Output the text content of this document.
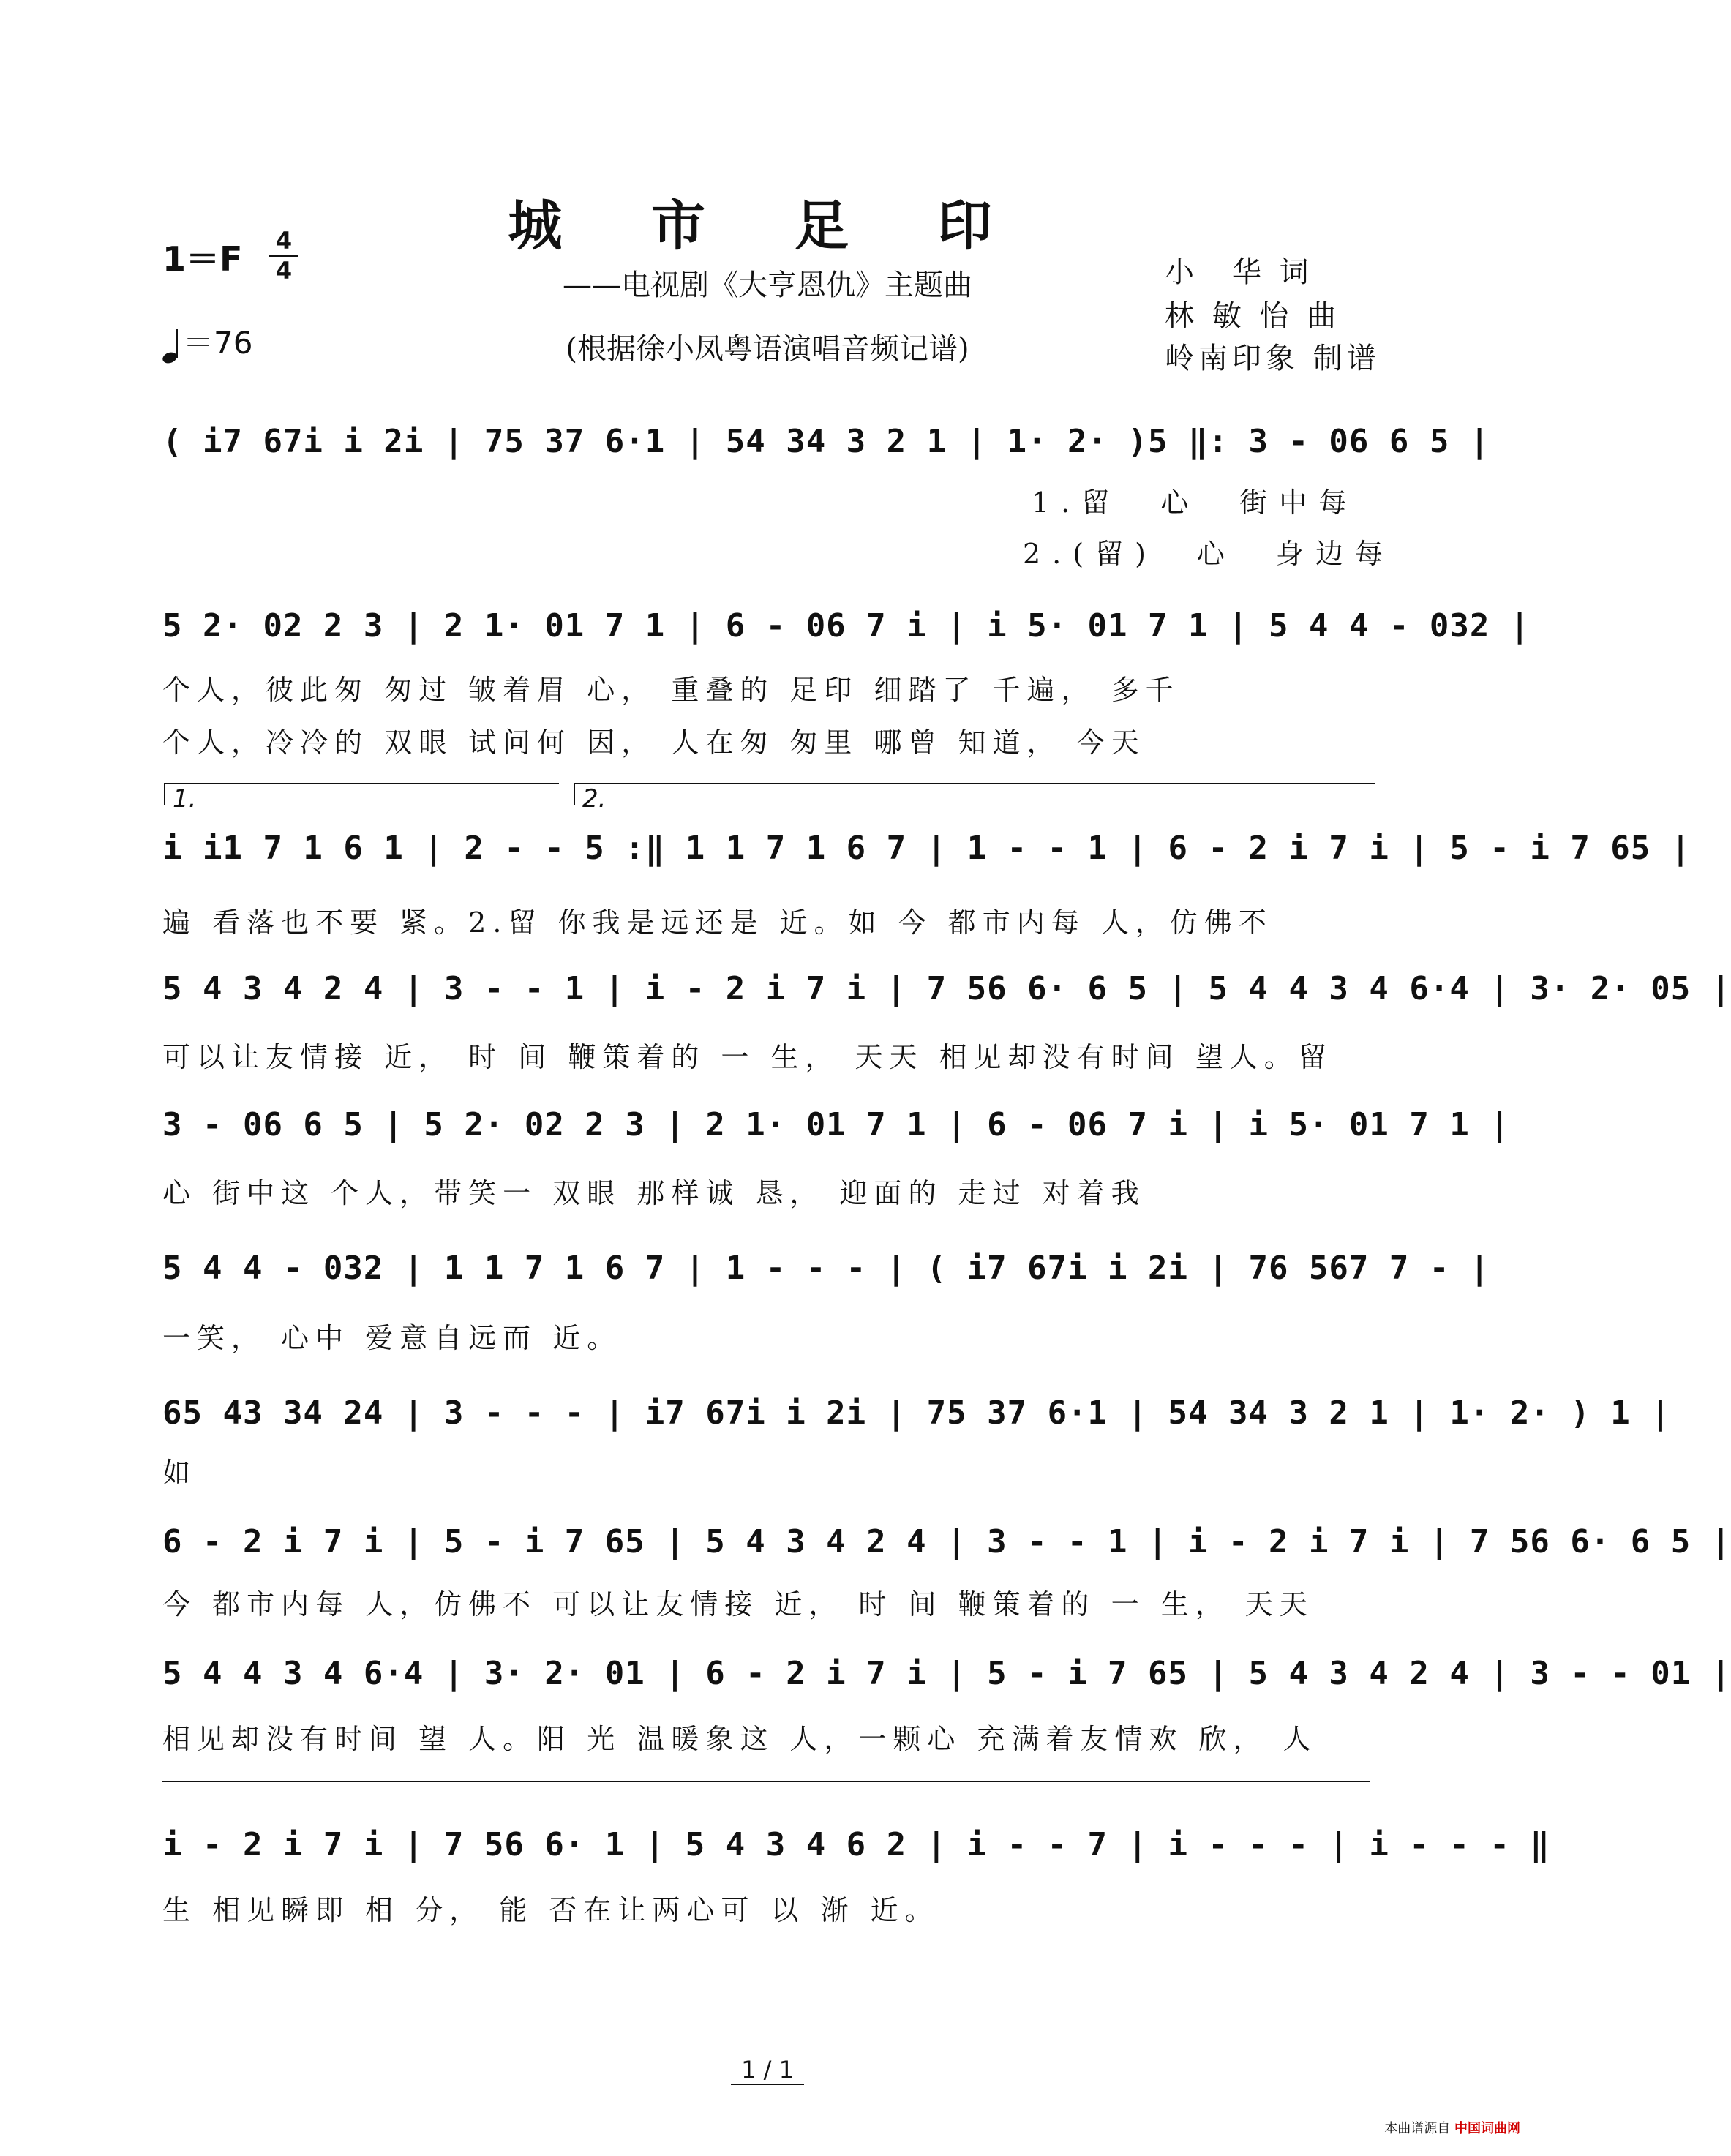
城 市 足 印
——电视剧《大亨恩仇》主题曲
(根据徐小凤粤语演唱音频记谱)
1＝F 4
4
＝76
小　华 词
林 敏 怡 曲
岭南印象 制谱
( i7 67i i 2i | 75 37 6·1 | 54 34 3 2 1 | 1· 2· )5 ‖: 3 - 06 6 5 |
1.留　心　街中每
2.(留)　心　身边每
5 2· 02 2 3 | 2 1· 01 7 1 | 6 - 06 7 i | i 5· 01 7 1 | 5 4 4 - 032 |
个人，彼此匆 匆过 皱着眉 心， 重叠的 足印 细踏了 千遍， 多千
个人，冷冷的 双眼 试问何 因， 人在匆 匆里 哪曾 知道， 今天
1.	2.
i i1 7 1 6 1 | 2 - - 5 :‖ 1 1 7 1 6 7 | 1 - - 1 | 6 - 2 i 7 i | 5 - i 7 65 |
遍 看落也不要 紧。2.留 你我是远还是 近。如 今 都市内每 人，仿佛不
5 4 3 4 2 4 | 3 - - 1 | i - 2 i 7 i | 7 56 6· 6 5 | 5 4 4 3 4 6·4 | 3· 2· 05 |
可以让友情接 近， 时 间 鞭策着的 一 生， 天天 相见却没有时间 望人。留
3 - 06 6 5 | 5 2· 02 2 3 | 2 1· 01 7 1 | 6 - 06 7 i | i 5· 01 7 1 |
心 街中这 个人，带笑一 双眼 那样诚 恳， 迎面的 走过 对着我
5 4 4 - 032 | 1 1 7 1 6 7 | 1 - - - | ( i7 67i i 2i | 76 567 7 - |
一笑， 心中 爱意自远而 近。
65 43 34 24 | 3 - - - | i7 67i i 2i | 75 37 6·1 | 54 34 3 2 1 | 1· 2· ) 1 |
如
6 - 2 i 7 i | 5 - i 7 65 | 5 4 3 4 2 4 | 3 - - 1 | i - 2 i 7 i | 7 56 6· 6 5 |
今 都市内每 人，仿佛不 可以让友情接 近， 时 间 鞭策着的 一 生， 天天
5 4 4 3 4 6·4 | 3· 2· 01 | 6 - 2 i 7 i | 5 - i 7 65 | 5 4 3 4 2 4 | 3 - - 01 |
相见却没有时间 望 人。阳 光 温暖象这 人，一颗心 充满着友情欢 欣， 人
i - 2 i 7 i | 7 56 6· 1 | 5 4 3 4 6 2 | i - - 7 | i - - - | i - - - ‖
生 相见瞬即 相 分， 能 否在让两心可 以 渐 近。
1 / 1
本曲谱源自 中国词曲网
